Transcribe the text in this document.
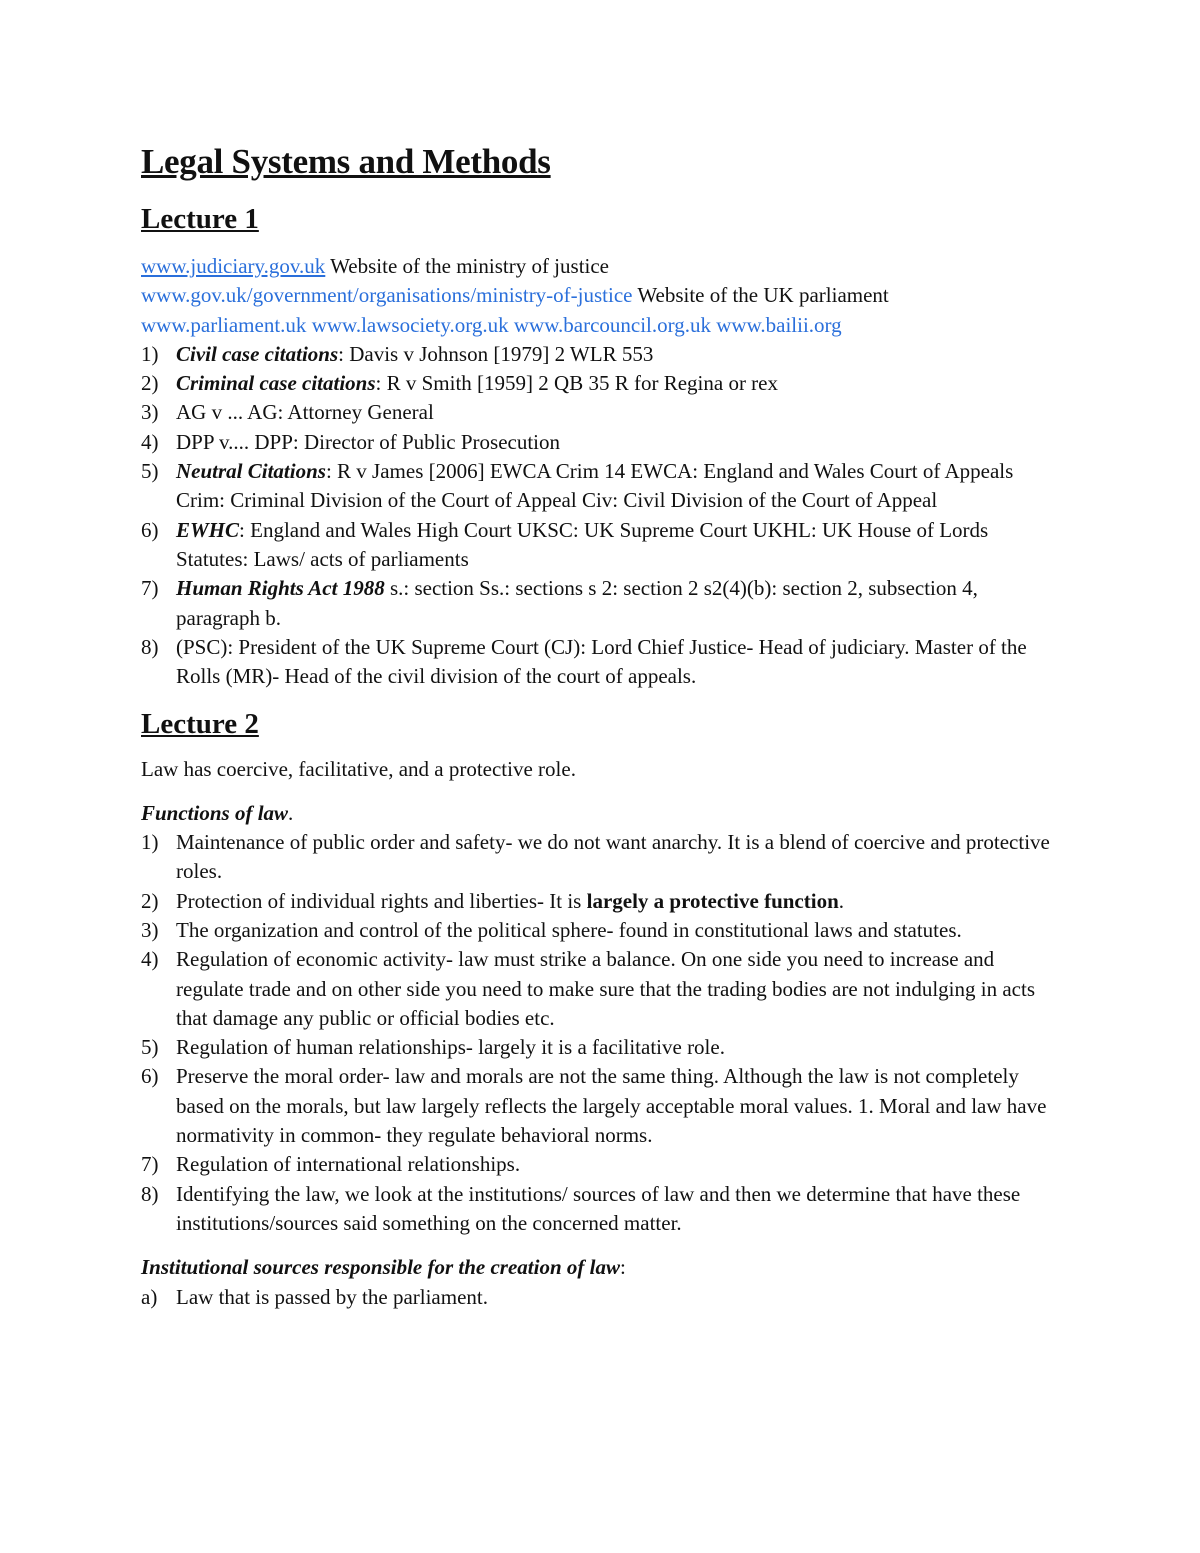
Legal Systems and Methods
Lecture 1

www.judiciary.gov.uk Website of the ministry of justice

www.gov.uk/government/organisations/ministry-of-justice Website of the UK parliament

www.parliament.uk www.lawsociety.org.uk www.barcouncil.org.uk www.bailii.org

1) Civil case citations: Davis v Johnson [1979] 2 WLR 553
2) Criminal case citations: R v Smith [1959] 2 QB 35 R for Regina or rex
3) AG v ... AG: Attorney General
4) DPP v.... DPP: Director of Public Prosecution
5) Neutral Citations: R v James [2006] EWCA Crim 14 EWCA: England and Wales Court of Appeals Crim: Criminal Division of the Court of Appeal Civ: Civil Division of the Court of Appeal
6) EWHC: England and Wales High Court UKSC: UK Supreme Court UKHL: UK House of Lords Statutes: Laws/ acts of parliaments
7) Human Rights Act 1988 s.: section Ss.: sections s 2: section 2 s2(4)(b): section 2, subsection 4, paragraph b.
8) (PSC): President of the UK Supreme Court (CJ): Lord Chief Justice- Head of judiciary. Master of the Rolls (MR)- Head of the civil division of the court of appeals.
Lecture 2

Law has coercive, facilitative, and a protective role.

Functions of law.

1) Maintenance of public order and safety- we do not want anarchy. It is a blend of coercive and protective roles.
2) Protection of individual rights and liberties- It is largely a protective function.
3) The organization and control of the political sphere- found in constitutional laws and statutes.
4) Regulation of economic activity- law must strike a balance. On one side you need to increase and regulate trade and on other side you need to make sure that the trading bodies are not indulging in acts that damage any public or official bodies etc.
5) Regulation of human relationships- largely it is a facilitative role.
6) Preserve the moral order- law and morals are not the same thing. Although the law is not completely based on the morals, but law largely reflects the largely acceptable moral values. 1. Moral and law have normativity in common- they regulate behavioral norms.
7) Regulation of international relationships.
8) Identifying the law, we look at the institutions/ sources of law and then we determine that have these institutions/sources said something on the concerned matter.

Institutional sources responsible for the creation of law:

a) Law that is passed by the parliament.
